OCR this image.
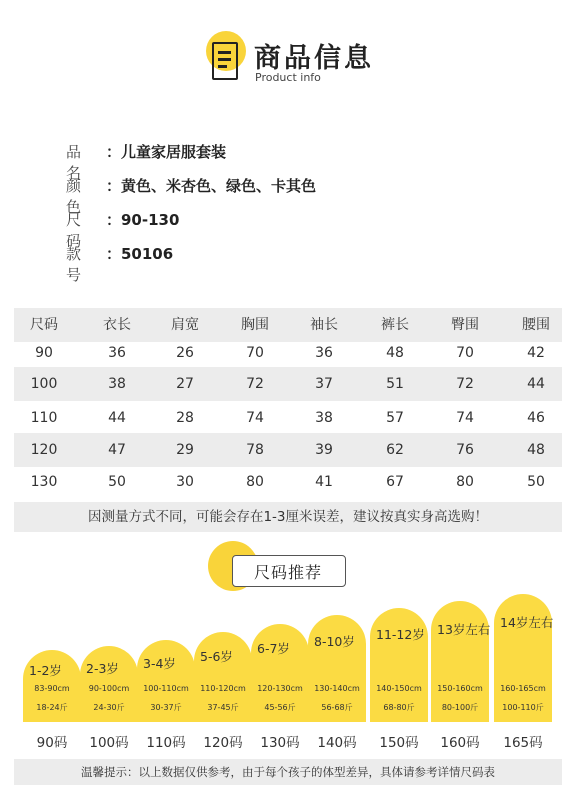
商品信息
Product info
品名
：儿童家居服套装
颜色
：黄色、米杏色、绿色、卡其色
尺码
：90-130
款号
：50106
尺码	衣长	肩宽	胸围	袖长	裤长	臀围	腰围
90	36	26	70	36	48	70	42
100	38	27	72	37	51	72	44
110	44	28	74	38	57	74	46
120	47	29	78	39	62	76	48
130	50	30	80	41	67	80	50
因测量方式不同，可能会存在1-3厘米误差，建议按真实身高选购！
尺码推荐
1-2岁
83-90cm
18-24斤
2-3岁
90-100cm
24-30斤
3-4岁
100-110cm
30-37斤
5-6岁
110-120cm
37-45斤
6-7岁
120-130cm
45-56斤
8-10岁
130-140cm
56-68斤
11-12岁
140-150cm
68-80斤
13岁左右
150-160cm
80-100斤
14岁左右
160-165cm
100-110斤
90码	100码	110码	120码	130码	140码	150码	160码	165码
温馨提示：以上数据仅供参考，由于每个孩子的体型差异，具体请参考详情尺码表
